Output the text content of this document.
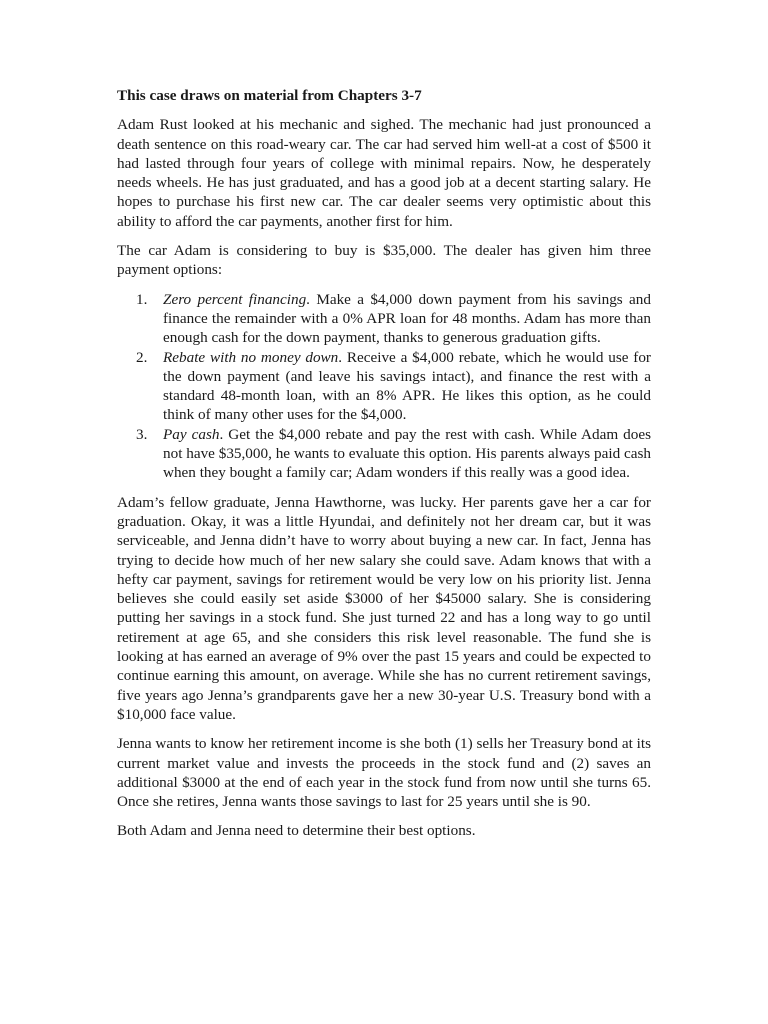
This case draws on material from Chapters 3-7

Adam Rust looked at his mechanic and sighed. The mechanic had just pronounced a death sentence on this road-weary car. The car had served him well-at a cost of $500 it had lasted through four years of college with minimal repairs. Now, he desperately needs wheels. He has just graduated, and has a good job at a decent starting salary. He hopes to purchase his first new car. The car dealer seems very optimistic about this ability to afford the car payments, another first for him.

The car Adam is considering to buy is $35,000. The dealer has given him three payment options:

1. Zero percent financing. Make a $4,000 down payment from his savings and finance the remainder with a 0% APR loan for 48 months. Adam has more than enough cash for the down payment, thanks to generous graduation gifts.
2. Rebate with no money down. Receive a $4,000 rebate, which he would use for the down payment (and leave his savings intact), and finance the rest with a standard 48-month loan, with an 8% APR. He likes this option, as he could think of many other uses for the $4,000.
3. Pay cash. Get the $4,000 rebate and pay the rest with cash. While Adam does not have $35,000, he wants to evaluate this option. His parents always paid cash when they bought a family car; Adam wonders if this really was a good idea.

Adam’s fellow graduate, Jenna Hawthorne, was lucky. Her parents gave her a car for graduation. Okay, it was a little Hyundai, and definitely not her dream car, but it was serviceable, and Jenna didn’t have to worry about buying a new car. In fact, Jenna has trying to decide how much of her new salary she could save. Adam knows that with a hefty car payment, savings for retirement would be very low on his priority list. Jenna believes she could easily set aside $3000 of her $45000 salary. She is considering putting her savings in a stock fund. She just turned 22 and has a long way to go until retirement at age 65, and she considers this risk level reasonable. The fund she is looking at has earned an average of 9% over the past 15 years and could be expected to continue earning this amount, on average. While she has no current retirement savings, five years ago Jenna’s grandparents gave her a new 30-year U.S. Treasury bond with a $10,000 face value.

Jenna wants to know her retirement income is she both (1) sells her Treasury bond at its current market value and invests the proceeds in the stock fund and (2) saves an additional $3000 at the end of each year in the stock fund from now until she turns 65. Once she retires, Jenna wants those savings to last for 25 years until she is 90.

Both Adam and Jenna need to determine their best options.
